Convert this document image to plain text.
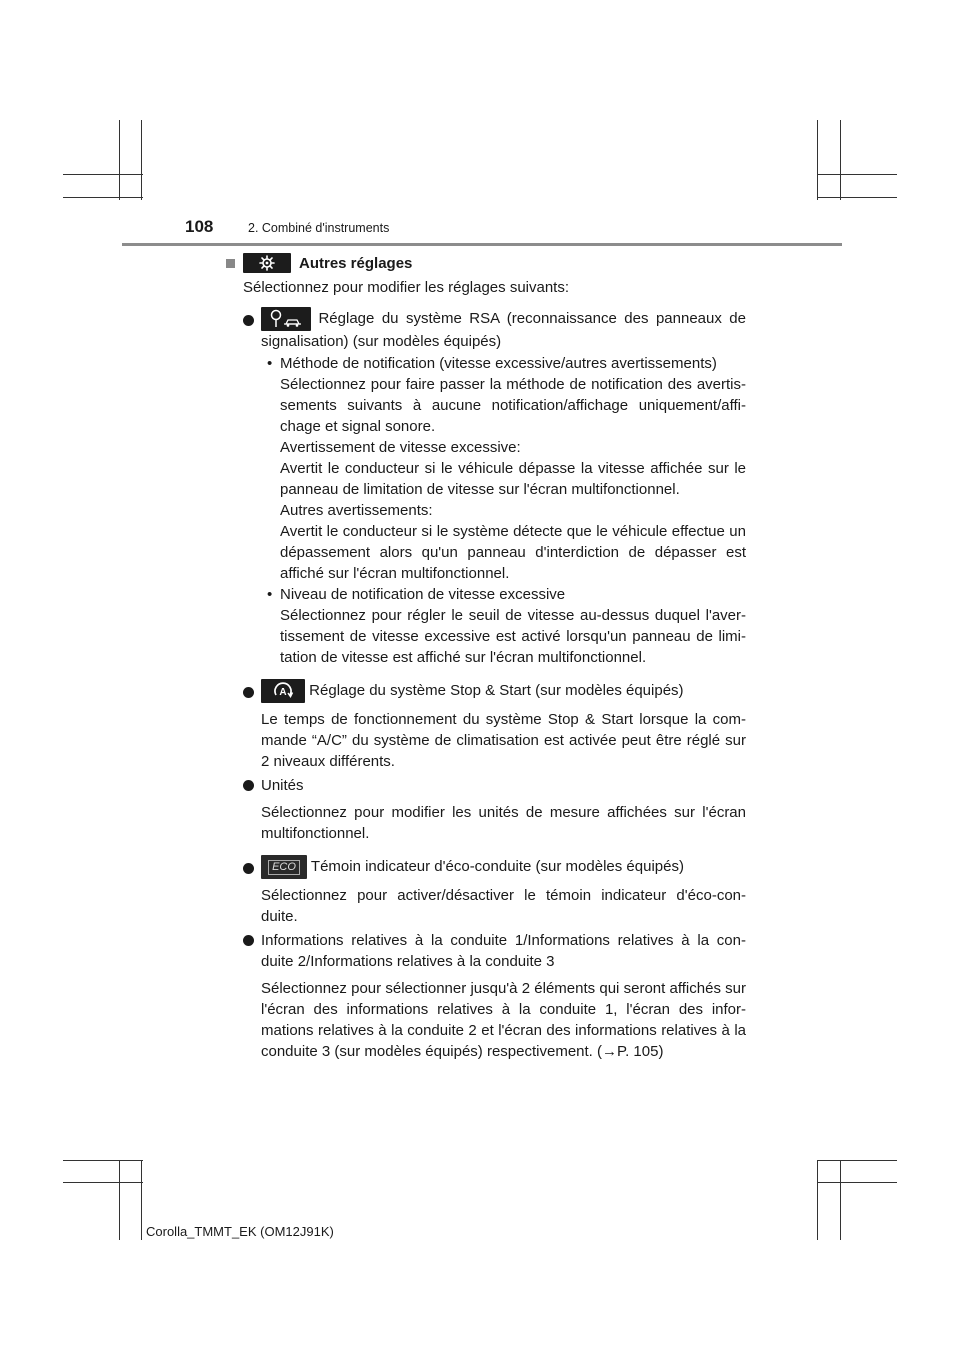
108	2. Combiné d'instruments
Autres réglages
Sélectionnez pour modifier les réglages suivants:
Réglage du système RSA (reconnaissance des panneaux de signalisation) (sur modèles équipés)
• Méthode de notification (vitesse excessive/autres avertissements)
Sélectionnez pour faire passer la méthode de notification des avertis-sements suivants à aucune notification/affichage uniquement/affi-chage et signal sonore.
Avertissement de vitesse excessive:
Avertit le conducteur si le véhicule dépasse la vitesse affichée sur le panneau de limitation de vitesse sur l'écran multifonctionnel.
Autres avertissements:
Avertit le conducteur si le système détecte que le véhicule effectue un dépassement alors qu'un panneau d'interdiction de dépasser est affiché sur l'écran multifonctionnel.
• Niveau de notification de vitesse excessive
Sélectionnez pour régler le seuil de vitesse au-dessus duquel l'aver-tissement de vitesse excessive est activé lorsqu'un panneau de limi-tation de vitesse est affiché sur l'écran multifonctionnel.
A Réglage du système Stop & Start (sur modèles équipés)
Le temps de fonctionnement du système Stop & Start lorsque la com-mande “A/C” du système de climatisation est activée peut être réglé sur 2 niveaux différents.
Unités
Sélectionnez pour modifier les unités de mesure affichées sur l'écran multifonctionnel.
ECO Témoin indicateur d'éco-conduite (sur modèles équipés)
Sélectionnez pour activer/désactiver le témoin indicateur d'éco-con-duite.
Informations relatives à la conduite 1/Informations relatives à la con-duite 2/Informations relatives à la conduite 3
Sélectionnez pour sélectionner jusqu'à 2 éléments qui seront affichés sur l'écran des informations relatives à la conduite 1, l'écran des infor-mations relatives à la conduite 2 et l'écran des informations relatives à la conduite 3 (sur modèles équipés) respectivement. (→P. 105)
Corolla_TMMT_EK (OM12J91K)
